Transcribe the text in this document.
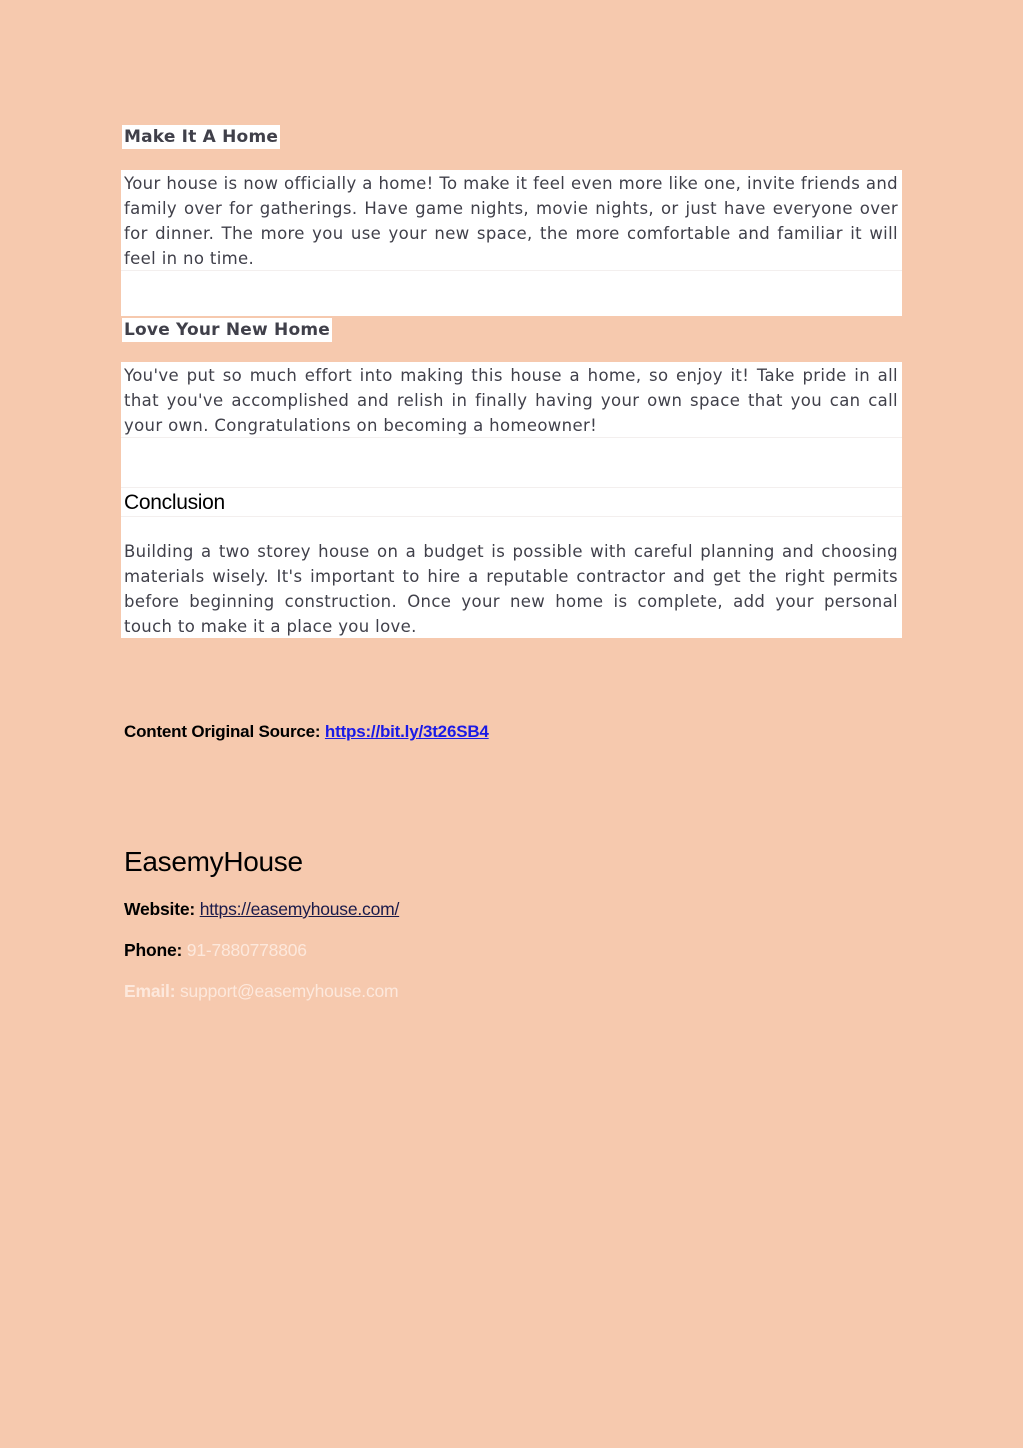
Make It A Home

Your house is now officially a home! To make it feel even more like one, invite friends and family over for gatherings. Have game nights, movie nights, or just have everyone over for dinner. The more you use your new space, the more comfortable and familiar it will feel in no time.

Love Your New Home

You've put so much effort into making this house a home, so enjoy it! Take pride in all that you've accomplished and relish in finally having your own space that you can call your own. Congratulations on becoming a homeowner!

Conclusion

Building a two storey house on a budget is possible with careful planning and choosing materials wisely. It's important to hire a reputable contractor and get the right permits before beginning construction. Once your new home is complete, add your personal touch to make it a place you love.

Content Original Source: https://bit.ly/3t26SB4
EasemyHouse
Website: https://easemyhouse.com/
Phone: 91-7880778806
Email: support@easemyhouse.com
